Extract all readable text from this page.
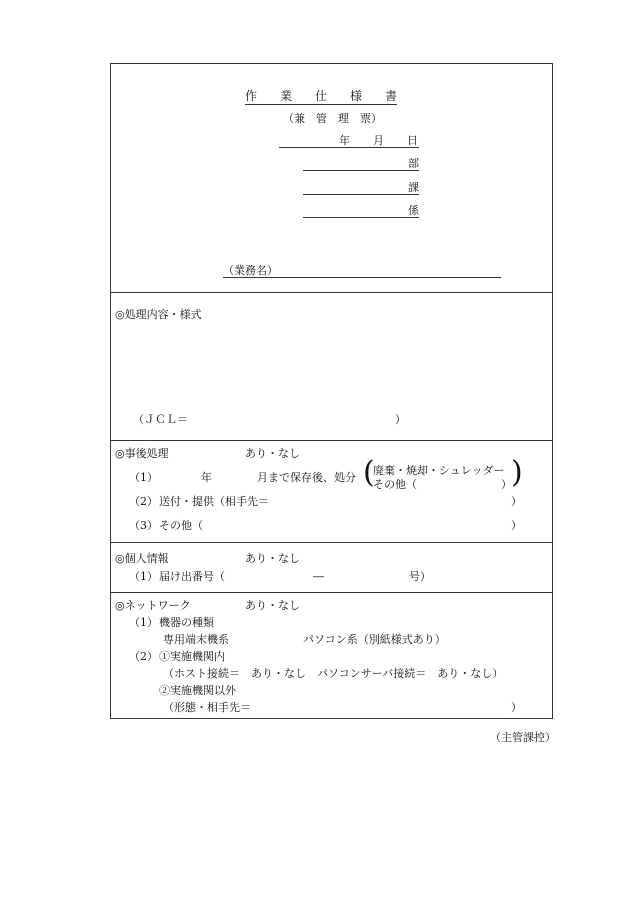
作 業 仕 様 書
（兼　管　理　票）
年 月 日
部
課
係
（業務名）
◎処理内容・様式
（ＪＣＬ＝	）
◎事後処理	あり・なし
（1）	年	月まで保存後、処分 (
廃棄・焼却・シュレッダー
その他（	） )
（2） 送付・提供（相手先＝	）
（3） その他（	）
◎個人情報	あり・なし
（1） 届け出番号（	―	号）
◎ネットワーク	あり・なし
（1） 機器の種類
専用端末機系	パソコン系（別紙様式あり）
（2） ①実施機関内
（ホスト接続＝　あり・なし　パソコンサーバ接続＝　あり・なし）
②実施機関以外
（形態・相手先＝	）
（主管課控）
